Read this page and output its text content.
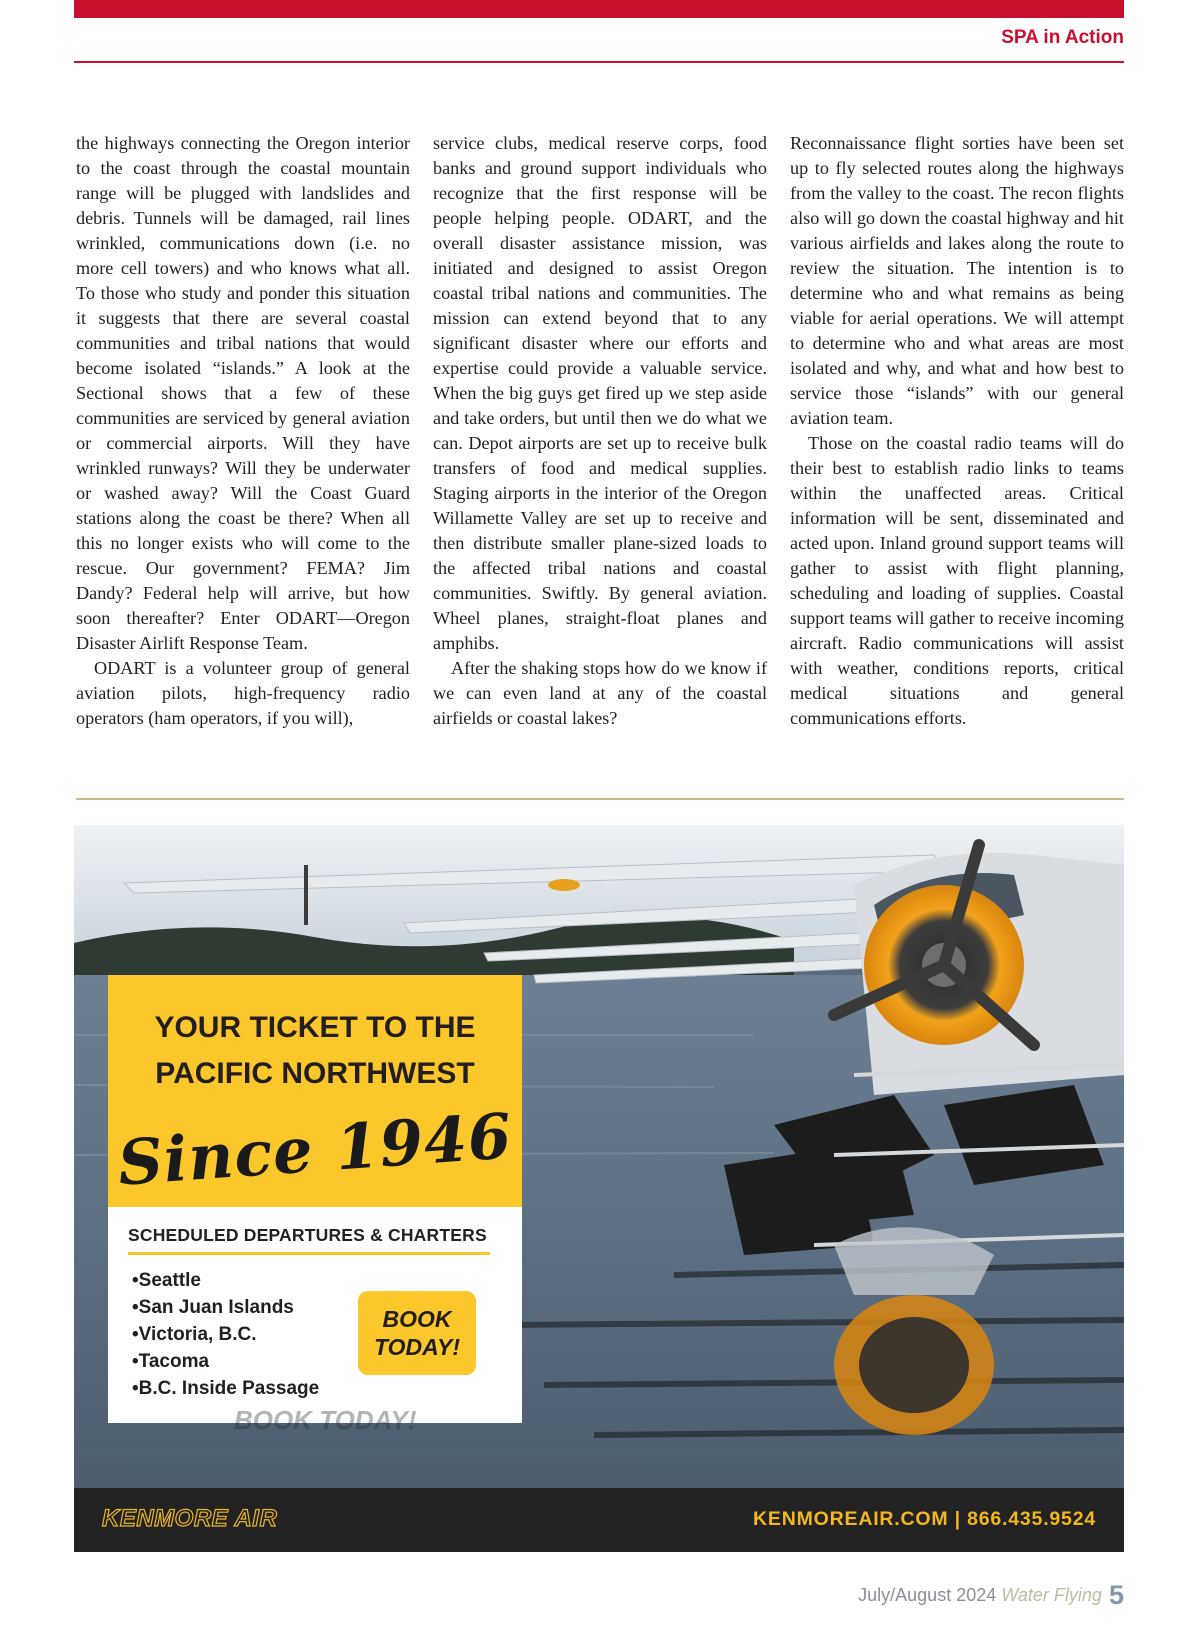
SPA in Action

the highways connecting the Oregon interior to the coast through the coastal mountain range will be plugged with landslides and debris. Tunnels will be damaged, rail lines wrinkled, communications down (i.e. no more cell towers) and who knows what all. To those who study and ponder this situation it suggests that there are several coastal communities and tribal nations that would become isolated “islands.” A look at the Sectional shows that a few of these communities are serviced by general aviation or commercial airports. Will they have wrinkled runways? Will they be underwater or washed away? Will the Coast Guard stations along the coast be there? When all this no longer exists who will come to the rescue. Our government? FEMA? Jim Dandy? Federal help will arrive, but how soon thereafter? Enter ODART—Oregon Disaster Airlift Response Team.

ODART is a volunteer group of general aviation pilots, high-frequency radio operators (ham operators, if you will),

service clubs, medical reserve corps, food banks and ground support individuals who recognize that the first response will be people helping people. ODART, and the overall disaster assistance mission, was initiated and designed to assist Oregon coastal tribal nations and communities. The mission can extend beyond that to any significant disaster where our efforts and expertise could provide a valuable service. When the big guys get fired up we step aside and take orders, but until then we do what we can. Depot airports are set up to receive bulk transfers of food and medical supplies. Staging airports in the interior of the Oregon Willamette Valley are set up to receive and then distribute smaller plane-sized loads to the affected tribal nations and coastal communities. Swiftly. By general aviation. Wheel planes, straight-float planes and amphibs.

After the shaking stops how do we know if we can even land at any of the coastal airfields or coastal lakes?

Reconnaissance flight sorties have been set up to fly selected routes along the highways from the valley to the coast. The recon flights also will go down the coastal highway and hit various airfields and lakes along the route to review the situation. The intention is to determine who and what remains as being viable for aerial operations. We will attempt to determine who and what areas are most isolated and why, and what and how best to service those “islands” with our general aviation team.

Those on the coastal radio teams will do their best to establish radio links to teams within the unaffected areas. Critical information will be sent, disseminated and acted upon. Inland ground support teams will gather to assist with flight planning, scheduling and loading of supplies. Coastal support teams will gather to receive incoming aircraft. Radio communications will assist with weather, conditions reports, critical medical situations and general communications efforts.

YOUR TICKET TO THE
PACIFIC NORTHWEST
Since 1946
SCHEDULED DEPARTURES & CHARTERS
• Seattle
• San Juan Islands
• Victoria, B.C.
• Tacoma
• B.C. Inside Passage
BOOK
TODAY!
BOOK TODAY!
KENMORE AIR	KENMOREAIR.COM | 866.435.9524
July/August 2024 Water Flying 5
